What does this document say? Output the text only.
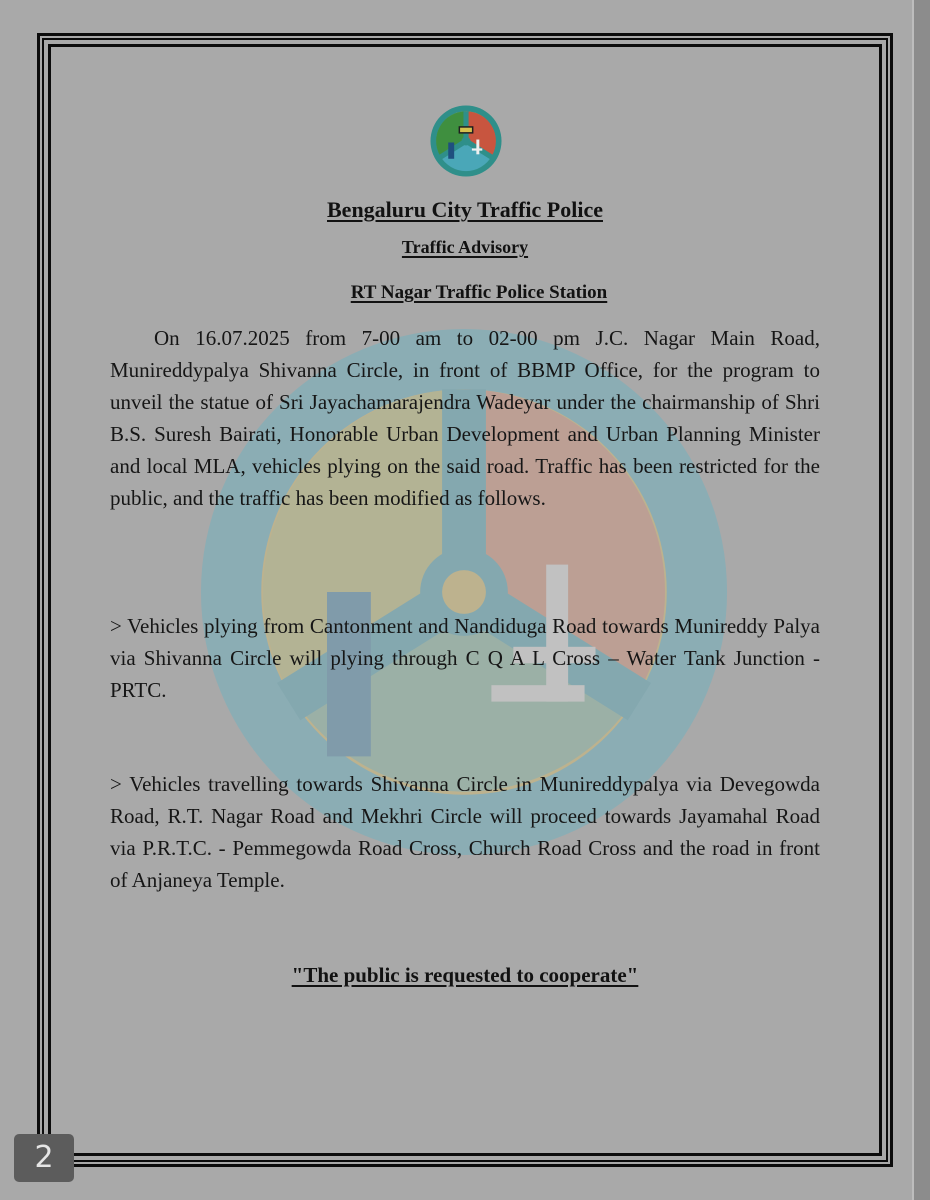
Bengaluru City Traffic Police
Traffic Advisory
RT Nagar Traffic Police Station

On 16.07.2025 from 7-00 am to 02-00 pm J.C. Nagar Main Road, Munireddypalya Shivanna Circle, in front of BBMP Office, for the program to unveil the statue of Sri Jayachamarajendra Wadeyar under the chairmanship of Shri B.S. Suresh Bairati, Honorable Urban Development and Urban Planning Minister and local MLA, vehicles plying on the said road. Traffic has been restricted for the public, and the traffic has been modified as follows.

> Vehicles plying from Cantonment and Nandiduga Road towards Munireddy Palya via Shivanna Circle will plying through C Q A L Cross – Water Tank Junction - PRTC.

> Vehicles travelling towards Shivanna Circle in Munireddypalya via Devegowda Road, R.T. Nagar Road and Mekhri Circle will proceed towards Jayamahal Road via P.R.T.C. - Pemmegowda Road Cross, Church Road Cross and the road in front of Anjaneya Temple.

"The public is requested to cooperate"
2
